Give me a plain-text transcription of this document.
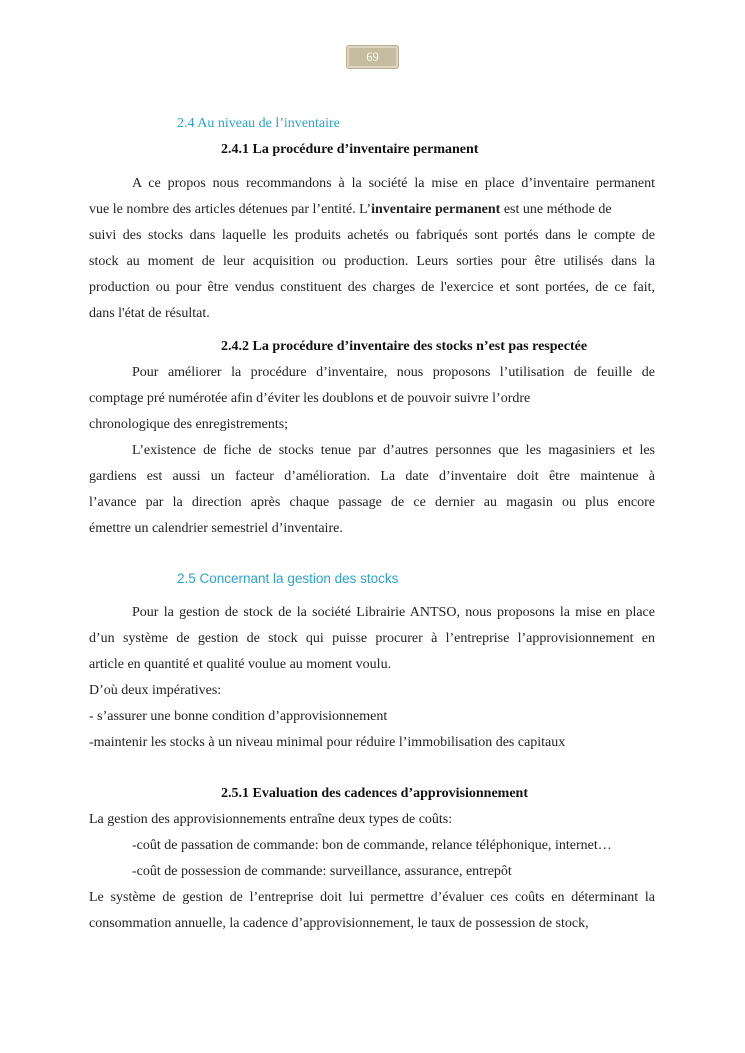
69
2.4 Au niveau de l’inventaire
2.4.1 La procédure d’inventaire permanent
A ce propos nous recommandons à la société la mise en place d’inventaire permanent
vue le nombre des articles détenues par l’entité. L’inventaire permanent est une méthode de
suivi des stocks dans laquelle les produits achetés ou fabriqués sont portés dans le compte de
stock au moment de leur acquisition ou production. Leurs sorties pour être utilisés dans la
production ou pour être vendus constituent des charges de l'exercice et sont portées, de ce fait,
dans l'état de résultat.
2.4.2 La procédure d’inventaire des stocks n’est pas respectée
Pour améliorer la procédure d’inventaire, nous proposons l’utilisation de feuille de
comptage pré numérotée afin d’éviter les doublons et de pouvoir suivre l’ordre
chronologique des enregistrements;
L’existence de fiche de stocks tenue par d’autres personnes que les magasiniers et les
gardiens est aussi un facteur d’amélioration. La date d’inventaire doit être maintenue à
l’avance par la direction après chaque passage de ce dernier au magasin ou plus encore
émettre un calendrier semestriel d’inventaire.
2.5 Concernant la gestion des stocks
Pour la gestion de stock de la société Librairie ANTSO, nous proposons la mise en place
d’un système de gestion de stock qui puisse procurer à l’entreprise l’approvisionnement en
article en quantité et qualité voulue au moment voulu.
D’où deux impératives:
- s’assurer une bonne condition d’approvisionnement
-maintenir les stocks à un niveau minimal pour réduire l’immobilisation des capitaux
2.5.1 Evaluation des cadences d’approvisionnement
La gestion des approvisionnements entraîne deux types de coûts:
-coût de passation de commande: bon de commande, relance téléphonique, internet…
-coût de possession de commande: surveillance, assurance, entrepôt
Le système de gestion de l’entreprise doit lui permettre d’évaluer ces coûts en déterminant la
consommation annuelle, la cadence d’approvisionnement, le taux de possession de stock,
